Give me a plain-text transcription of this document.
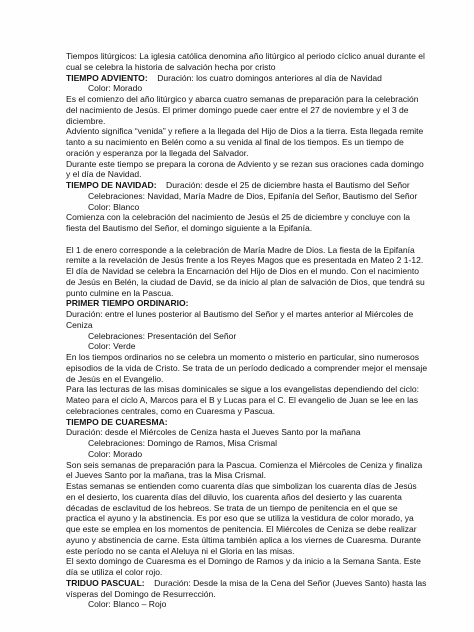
Tiempos litúrgicos: La iglesia católica denomina año litúrgico al periodo cíclico anual durante el cual se celebra la historia de salvación hecha por cristo

TIEMPO ADVIENTO: Duración: los cuatro domingos anteriores al día de Navidad

Color: Morado

Es el comienzo del año litúrgico y abarca cuatro semanas de preparación para la celebración del nacimiento de Jesús. El primer domingo puede caer entre el 27 de noviembre y el 3 de diciembre.

Adviento significa “venida” y refiere a la llegada del Hijo de Dios a la tierra. Esta llegada remite tanto a su nacimiento en Belén como a su venida al final de los tiempos. Es un tiempo de oración y esperanza por la llegada del Salvador.

Durante este tiempo se prepara la corona de Adviento y se rezan sus oraciones cada domingo y el día de Navidad.

TIEMPO DE NAVIDAD: Duración: desde el 25 de diciembre hasta el Bautismo del Señor

Celebraciones: Navidad, María Madre de Dios, Epifanía del Señor, Bautismo del Señor

Color: Blanco

Comienza con la celebración del nacimiento de Jesús el 25 de diciembre y concluye con la fiesta del Bautismo del Señor, el domingo siguiente a la Epifanía.

El 1 de enero corresponde a la celebración de María Madre de Dios. La fiesta de la Epifanía remite a la revelación de Jesús frente a los Reyes Magos que es presentada en Mateo 2 1-12. El día de Navidad se celebra la Encarnación del Hijo de Dios en el mundo. Con el nacimiento de Jesús en Belén, la ciudad de David, se da inicio al plan de salvación de Dios, que tendrá su punto culmine en la Pascua.

PRIMER TIEMPO ORDINARIO:

Duración: entre el lunes posterior al Bautismo del Señor y el martes anterior al Miércoles de Ceniza

Celebraciones: Presentación del Señor

Color: Verde

En los tiempos ordinarios no se celebra un momento o misterio en particular, sino numerosos episodios de la vida de Cristo. Se trata de un período dedicado a comprender mejor el mensaje de Jesús en el Evangelio.

Para las lecturas de las misas dominicales se sigue a los evangelistas dependiendo del ciclo: Mateo para el ciclo A, Marcos para el B y Lucas para el C. El evangelio de Juan se lee en las celebraciones centrales, como en Cuaresma y Pascua.

TIEMPO DE CUARESMA:

Duración: desde el Miércoles de Ceniza hasta el Jueves Santo por la mañana

Celebraciones: Domingo de Ramos, Misa Crismal

Color: Morado

Son seis semanas de preparación para la Pascua. Comienza el Miércoles de Ceniza y finaliza el Jueves Santo por la mañana, tras la Misa Crismal.

Estas semanas se entienden como cuarenta días que simbolizan los cuarenta días de Jesús en el desierto, los cuarenta días del diluvio, los cuarenta años del desierto y las cuarenta décadas de esclavitud de los hebreos. Se trata de un tiempo de penitencia en el que se practica el ayuno y la abstinencia. Es por eso que se utiliza la vestidura de color morado, ya que este se emplea en los momentos de penitencia. El Miércoles de Ceniza se debe realizar ayuno y abstinencia de carne. Esta última también aplica a los viernes de Cuaresma. Durante este período no se canta el Aleluya ni el Gloria en las misas.

El sexto domingo de Cuaresma es el Domingo de Ramos y da inicio a la Semana Santa. Este día se utiliza el color rojo.

TRIDUO PASCUAL: Duración: Desde la misa de la Cena del Señor (Jueves Santo) hasta las vísperas del Domingo de Resurrección.

Color: Blanco – Rojo
